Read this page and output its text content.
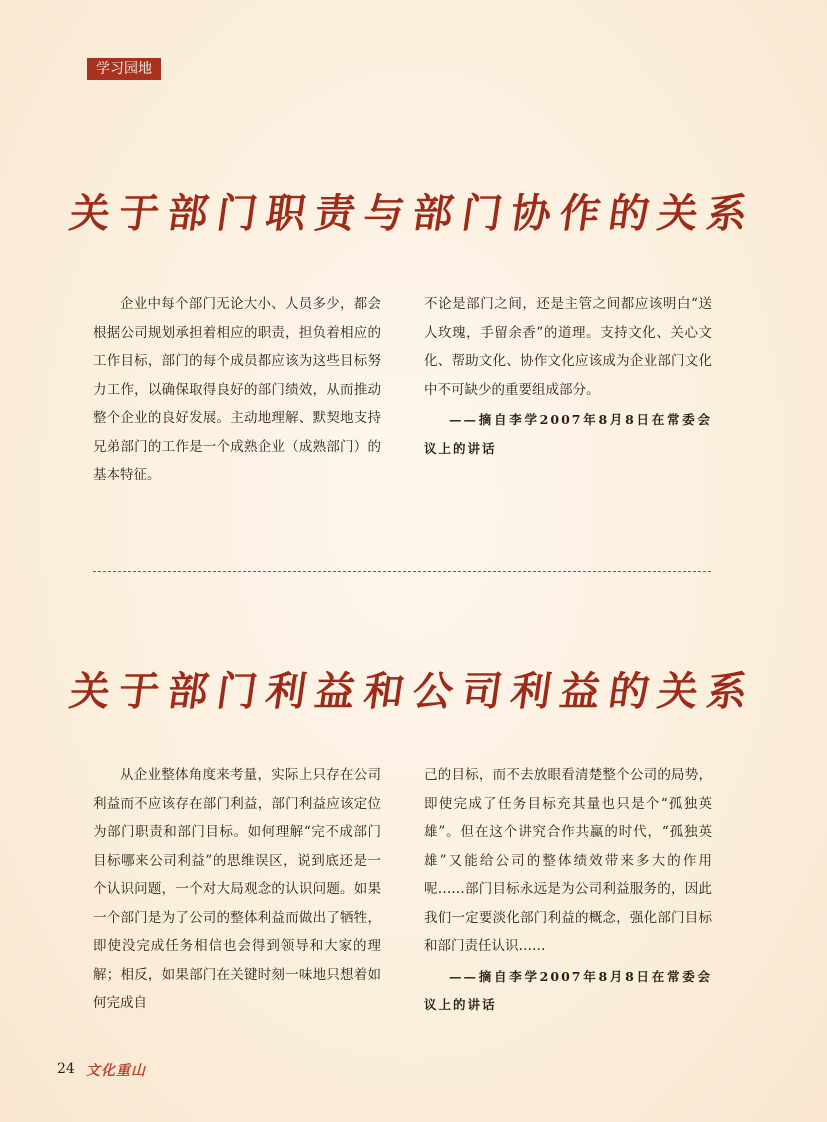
学习园地
关于部门职责与部门协作的关系

企业中每个部门无论大小、人员多少，都会根据公司规划承担着相应的职责，担负着相应的工作目标，部门的每个成员都应该为这些目标努力工作，以确保取得良好的部门绩效，从而推动整个企业的良好发展。主动地理解、默契地支持兄弟部门的工作是一个成熟企业（成熟部门）的基本特征。

不论是部门之间，还是主管之间都应该明白“送人玫瑰，手留余香”的道理。支持文化、关心文化、帮助文化、协作文化应该成为企业部门文化中不可缺少的重要组成部分。

——摘自李学2007年8月8日在常委会议上的讲话
关于部门利益和公司利益的关系

从企业整体角度来考量，实际上只存在公司利益而不应该存在部门利益，部门利益应该定位为部门职责和部门目标。如何理解“完不成部门目标哪来公司利益”的思维误区，说到底还是一个认识问题，一个对大局观念的认识问题。如果一个部门是为了公司的整体利益而做出了牺牲，即使没完成任务相信也会得到领导和大家的理解；相反，如果部门在关键时刻一味地只想着如何完成自

己的目标，而不去放眼看清楚整个公司的局势，即使完成了任务目标充其量也只是个“孤独英雄”。但在这个讲究合作共赢的时代，“孤独英雄”又能给公司的整体绩效带来多大的作用呢……部门目标永远是为公司利益服务的，因此我们一定要淡化部门利益的概念，强化部门目标和部门责任认识……

——摘自李学2007年8月8日在常委会议上的讲话
24 文化重山
